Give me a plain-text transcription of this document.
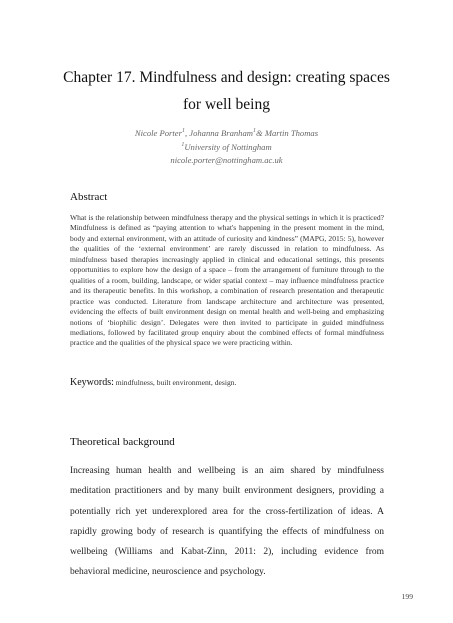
Chapter 17. Mindfulness and design: creating spaces
for well being
Nicole Porter$^1$, Johanna Branham$^1$& Martin Thomas
$^1$University of Nottingham
nicole.porter@nottingham.ac.uk
Abstract

What is the relationship between mindfulness therapy and the physical settings in which it is practiced? Mindfulness is defined as “paying attention to what's happening in the present moment in the mind, body and external environment, with an attitude of curiosity and kindness” (MAPG, 2015: 5), however the qualities of the ‘external environment’ are rarely discussed in relation to mindfulness. As mindfulness based therapies increasingly applied in clinical and educational settings, this presents opportunities to explore how the design of a space – from the arrangement of furniture through to the qualities of a room, building, landscape, or wider spatial context – may influence mindfulness practice and its therapeutic benefits. In this workshop, a combination of research presentation and therapeutic practice was conducted. Literature from landscape architecture and architecture was presented, evidencing the effects of built environment design on mental health and well-being and emphasizing notions of ‘biophilic design’. Delegates were then invited to participate in guided mindfulness mediations, followed by facilitated group enquiry about the combined effects of formal mindfulness practice and the qualities of the physical space we were practicing within.

Keywords: mindfulness, built environment, design.
Theoretical background

Increasing human health and wellbeing is an aim shared by mindfulness meditation practitioners and by many built environment designers, providing a potentially rich yet underexplored area for the cross-fertilization of ideas. A rapidly growing body of research is quantifying the effects of mindfulness on wellbeing (Williams and Kabat-Zinn, 2011: 2), including evidence from behavioral medicine, neuroscience and psychology.

199
